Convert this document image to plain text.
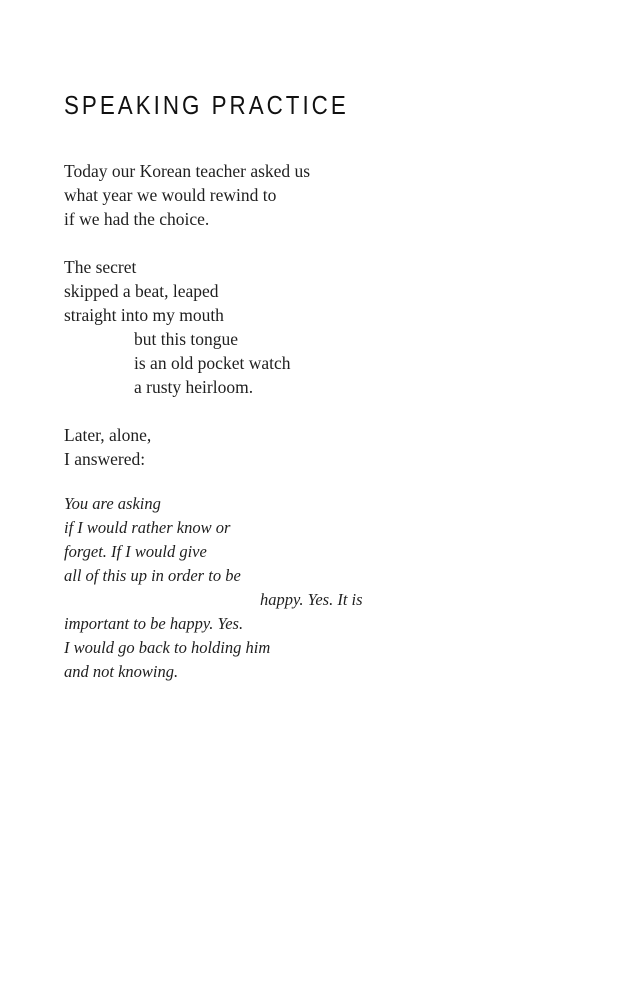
SPEAKING PRACTICE

Today our Korean teacher asked us

what year we would rewind to

if we had the choice.

The secret

skipped a beat, leaped

straight into my mouth

but this tongue

is an old pocket watch

a rusty heirloom.

Later, alone,

I answered:

You are asking

if I would rather know or

forget. If I would give

all of this up in order to be

happy. Yes. It is

important to be happy. Yes.

I would go back to holding him

and not knowing.
